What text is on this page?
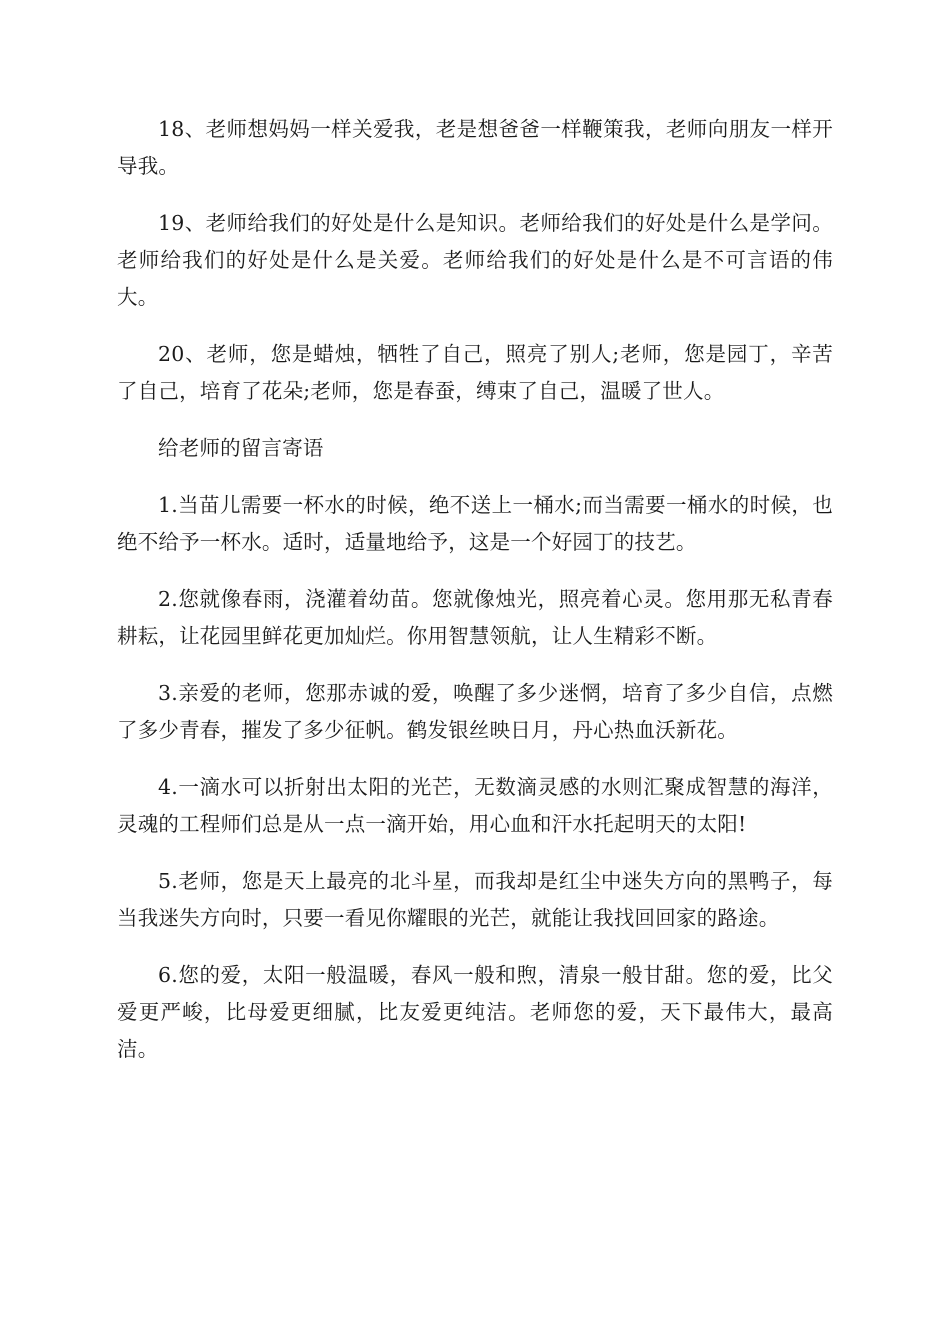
18、老师想妈妈一样关爱我，老是想爸爸一样鞭策我，老师向朋友一样开导我。

19、老师给我们的好处是什么是知识。老师给我们的好处是什么是学问。老师给我们的好处是什么是关爱。老师给我们的好处是什么是不可言语的伟大。

20、老师，您是蜡烛，牺牲了自己，照亮了别人;老师，您是园丁，辛苦了自己，培育了花朵;老师，您是春蚕，缚束了自己，温暖了世人。

给老师的留言寄语

1.当苗儿需要一杯水的时候，绝不送上一桶水;而当需要一桶水的时候，也绝不给予一杯水。适时，适量地给予，这是一个好园丁的技艺。

2.您就像春雨，浇灌着幼苗。您就像烛光，照亮着心灵。您用那无私青春耕耘，让花园里鲜花更加灿烂。你用智慧领航，让人生精彩不断。

3.亲爱的老师，您那赤诚的爱，唤醒了多少迷惘，培育了多少自信，点燃了多少青春，摧发了多少征帆。鹤发银丝映日月，丹心热血沃新花。

4.一滴水可以折射出太阳的光芒，无数滴灵感的水则汇聚成智慧的海洋，灵魂的工程师们总是从一点一滴开始，用心血和汗水托起明天的太阳!

5.老师，您是天上最亮的北斗星，而我却是红尘中迷失方向的黑鸭子，每当我迷失方向时，只要一看见你耀眼的光芒，就能让我找回回家的路途。

6.您的爱，太阳一般温暖，春风一般和煦，清泉一般甘甜。您的爱，比父爱更严峻，比母爱更细腻，比友爱更纯洁。老师您的爱，天下最伟大，最高洁。
